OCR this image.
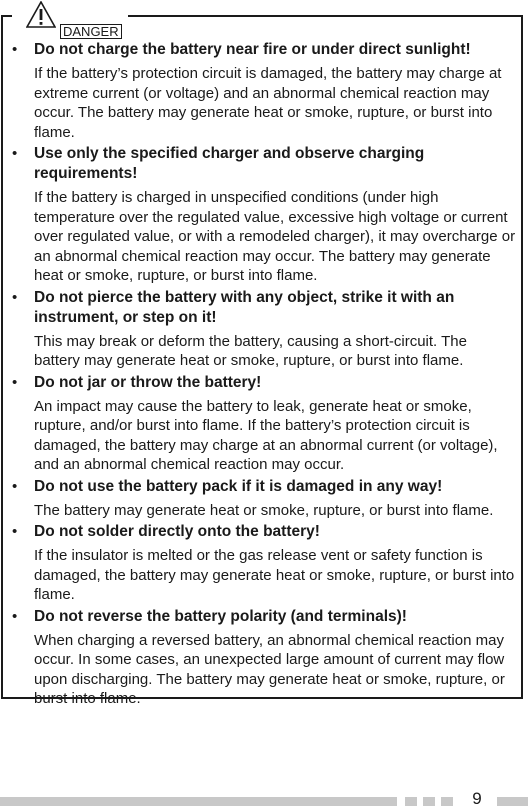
DANGER
• Do not charge the battery near fire or under direct sunlight!

If the battery’s protection circuit is damaged, the battery may charge at extreme current (or voltage) and an abnormal chemical reaction may occur. The battery may generate heat or smoke, rupture, or burst into flame.

• Use only the specified charger and observe charging requirements!

If the battery is charged in unspecified conditions (under high temperature over the regulated value, excessive high voltage or current over regulated value, or with a remodeled charger), it may overcharge or an abnormal chemical reaction may occur. The battery may generate heat or smoke, rupture, or burst into flame.

• Do not pierce the battery with any object, strike it with an instrument, or step on it!

This may break or deform the battery, causing a short-circuit. The battery may generate heat or smoke, rupture, or burst into flame.

• Do not jar or throw the battery!

An impact may cause the battery to leak, generate heat or smoke, rupture, and/or burst into flame. If the battery’s protection circuit is damaged, the battery may charge at an abnormal current (or voltage), and an abnormal chemical reaction may occur.

• Do not use the battery pack if it is damaged in any way!

The battery may generate heat or smoke, rupture, or burst into flame.

• Do not solder directly onto the battery!

If the insulator is melted or the gas release vent or safety function is damaged, the battery may generate heat or smoke, rupture, or burst into flame.

• Do not reverse the battery polarity (and terminals)!

When charging a reversed battery, an abnormal chemical reaction may occur. In some cases, an unexpected large amount of current may flow upon discharging. The battery may generate heat or smoke, rupture, or burst into flame.

9
